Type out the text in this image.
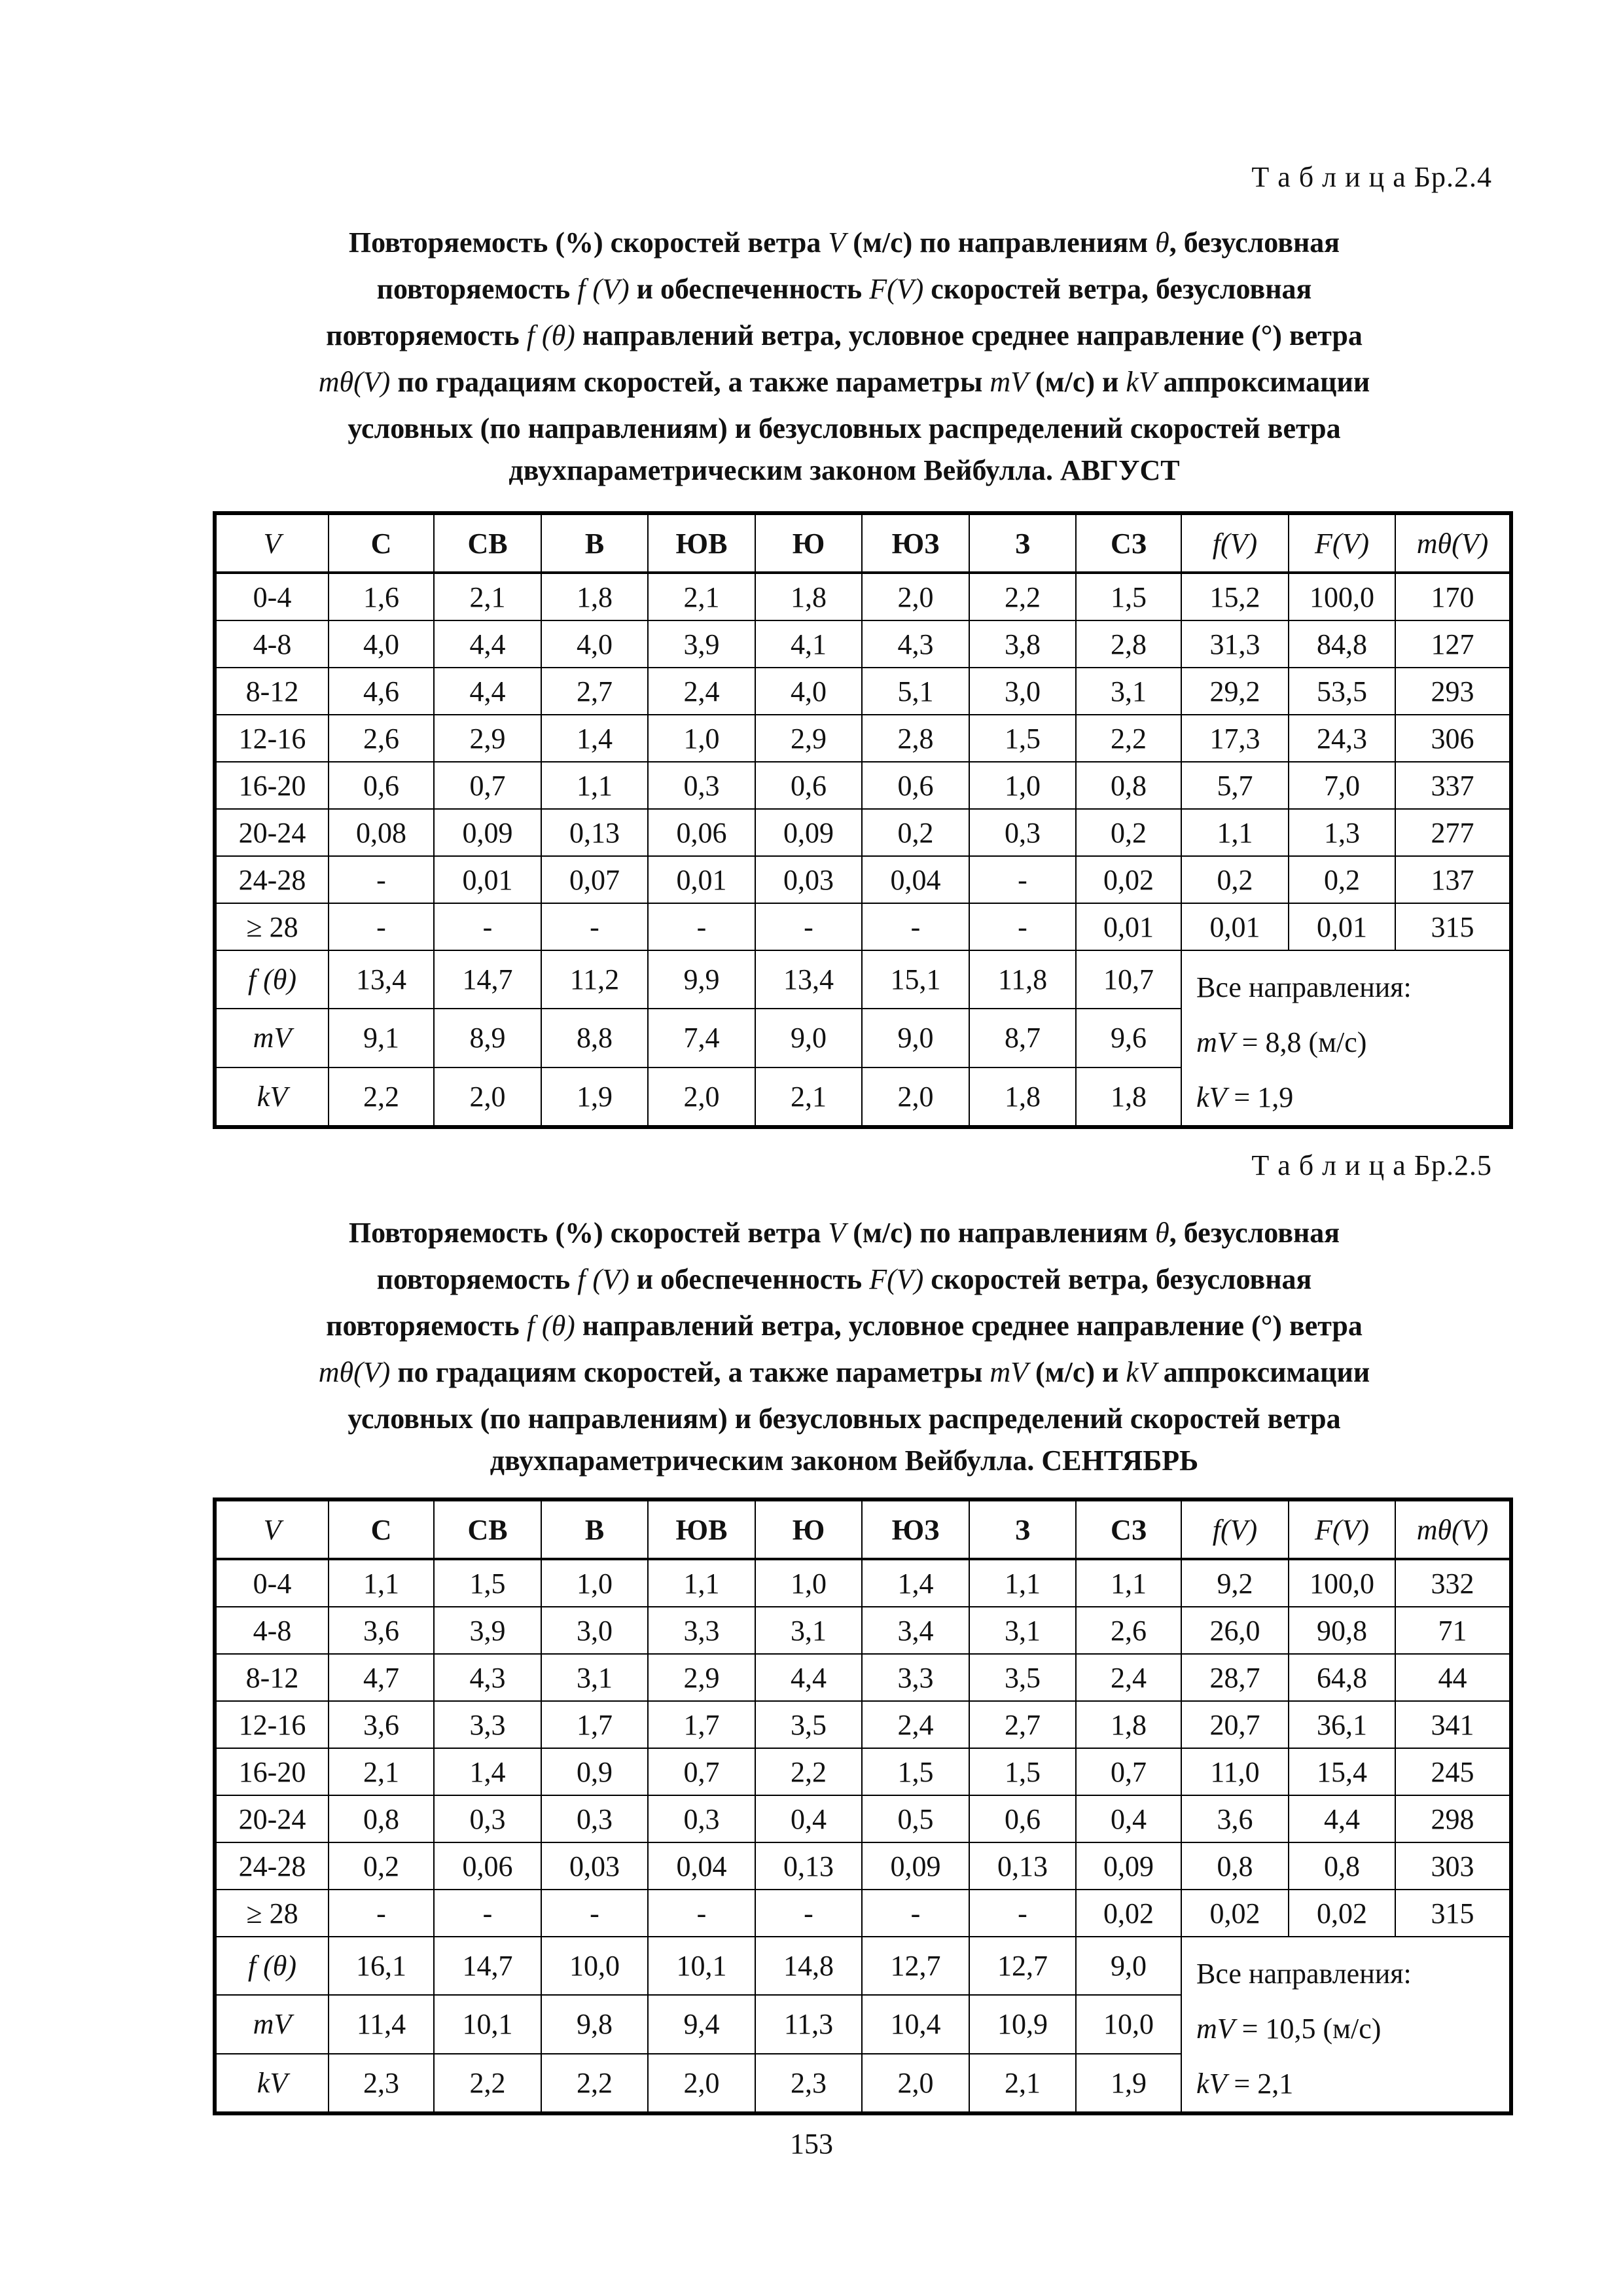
Т а б л и ц а Бр.2.4
Повторяемость (%) скоростей ветра V (м/с) по направлениям θ, безусловная
повторяемость f (V) и обеспеченность F(V) скоростей ветра, безусловная
повторяемость f (θ) направлений ветра, условное среднее направление (°) ветра
mθ(V) по градациям скоростей, а также параметры mV (м/с) и kV аппроксимации
условных (по направлениям) и безусловных распределений скоростей ветра
двухпараметрическим законом Вейбулла. АВГУСТ
V	С	СВ	В	ЮВ	Ю	ЮЗ	З	СЗ	f(V)	F(V)	mθ(V)
0-4	1,6	2,1	1,8	2,1	1,8	2,0	2,2	1,5	15,2	100,0	170
4-8	4,0	4,4	4,0	3,9	4,1	4,3	3,8	2,8	31,3	84,8	127
8-12	4,6	4,4	2,7	2,4	4,0	5,1	3,0	3,1	29,2	53,5	293
12-16	2,6	2,9	1,4	1,0	2,9	2,8	1,5	2,2	17,3	24,3	306
16-20	0,6	0,7	1,1	0,3	0,6	0,6	1,0	0,8	5,7	7,0	337
20-24	0,08	0,09	0,13	0,06	0,09	0,2	0,3	0,2	1,1	1,3	277
24-28	-	0,01	0,07	0,01	0,03	0,04	-	0,02	0,2	0,2	137
≥ 28	-	-	-	-	-	-	-	0,01	0,01	0,01	315
f (θ)	13,4	14,7	11,2	9,9	13,4	15,1	11,8	10,7	Все направления:
mV = 8,8 (м/с)
kV = 1,9		

mV	9,1	8,9	8,8	7,4	9,0	9,0	8,7	9,6			
kV	2,2	2,0	1,9	2,0	2,1	2,0	1,8	1,8			
Т а б л и ц а Бр.2.5
Повторяемость (%) скоростей ветра V (м/с) по направлениям θ, безусловная
повторяемость f (V) и обеспеченность F(V) скоростей ветра, безусловная
повторяемость f (θ) направлений ветра, условное среднее направление (°) ветра
mθ(V) по градациям скоростей, а также параметры mV (м/с) и kV аппроксимации
условных (по направлениям) и безусловных распределений скоростей ветра
двухпараметрическим законом Вейбулла. СЕНТЯБРЬ
V	С	СВ	В	ЮВ	Ю	ЮЗ	З	СЗ	f(V)	F(V)	mθ(V)
0-4	1,1	1,5	1,0	1,1	1,0	1,4	1,1	1,1	9,2	100,0	332
4-8	3,6	3,9	3,0	3,3	3,1	3,4	3,1	2,6	26,0	90,8	71
8-12	4,7	4,3	3,1	2,9	4,4	3,3	3,5	2,4	28,7	64,8	44
12-16	3,6	3,3	1,7	1,7	3,5	2,4	2,7	1,8	20,7	36,1	341
16-20	2,1	1,4	0,9	0,7	2,2	1,5	1,5	0,7	11,0	15,4	245
20-24	0,8	0,3	0,3	0,3	0,4	0,5	0,6	0,4	3,6	4,4	298
24-28	0,2	0,06	0,03	0,04	0,13	0,09	0,13	0,09	0,8	0,8	303
≥ 28	-	-	-	-	-	-	-	0,02	0,02	0,02	315
f (θ)	16,1	14,7	10,0	10,1	14,8	12,7	12,7	9,0	Все направления:
mV = 10,5 (м/с)
kV = 2,1		

mV	11,4	10,1	9,8	9,4	11,3	10,4	10,9	10,0			
kV	2,3	2,2	2,2	2,0	2,3	2,0	2,1	1,9			
153
